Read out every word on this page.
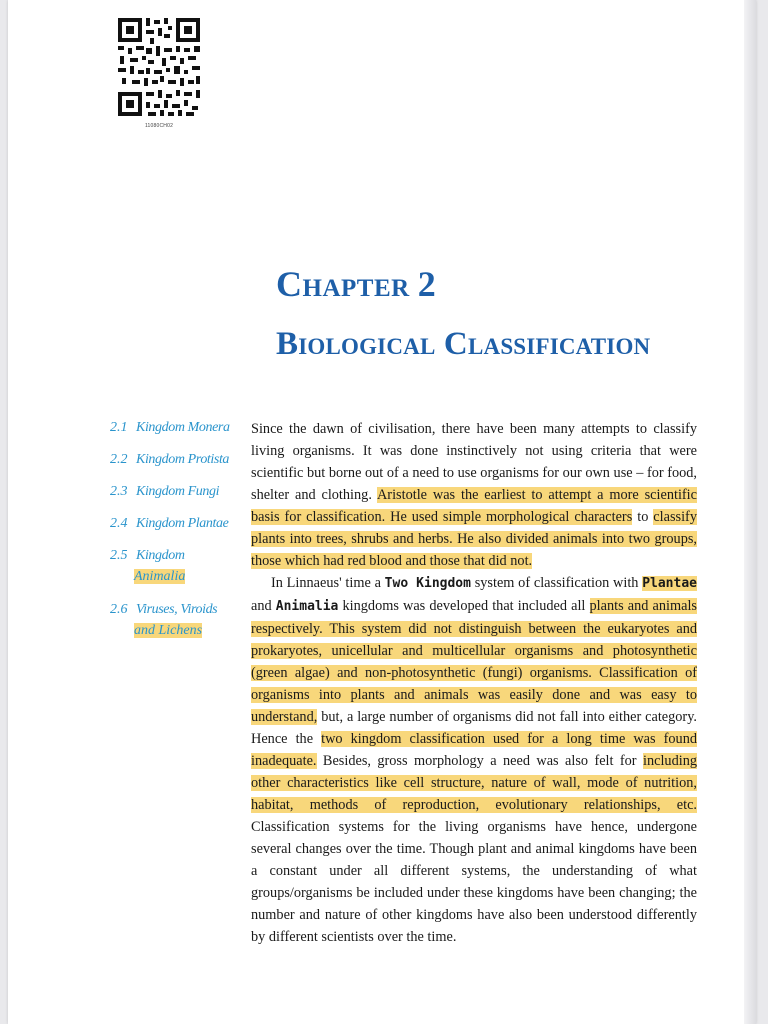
11080CH02
Chapter 2
Biological Classification
2.1 Kingdom Monera
2.2 Kingdom Protista
2.3 Kingdom Fungi
2.4 Kingdom Plantae
2.5 Kingdom
Animalia
2.6 Viruses, Viroids
and Lichens

Since the dawn of civilisation, there have been many attempts to classify living organisms. It was done instinctively not using criteria that were scientific but borne out of a need to use organisms for our own use – for food, shelter and clothing. Aristotle was the earliest to attempt a more scientific basis for classification. He used simple morphological characters to classify plants into trees, shrubs and herbs. He also divided animals into two groups, those which had red blood and those that did not.

In Linnaeus' time a Two Kingdom system of classification with Plantae and Animalia kingdoms was developed that included all plants and animals respectively. This system did not distinguish between the eukaryotes and prokaryotes, unicellular and multicellular organisms and photosynthetic (green algae) and non-photosynthetic (fungi) organisms. Classification of organisms into plants and animals was easily done and was easy to understand, but, a large number of organisms did not fall into either category. Hence the two kingdom classification used for a long time was found inadequate. Besides, gross morphology a need was also felt for including other characteristics like cell structure, nature of wall, mode of nutrition, habitat, methods of reproduction, evolutionary relationships, etc. Classification systems for the living organisms have hence, undergone several changes over the time. Though plant and animal kingdoms have been a constant under all different systems, the understanding of what groups/organisms be included under these kingdoms have been changing; the number and nature of other kingdoms have also been understood differently by different scientists over the time.
